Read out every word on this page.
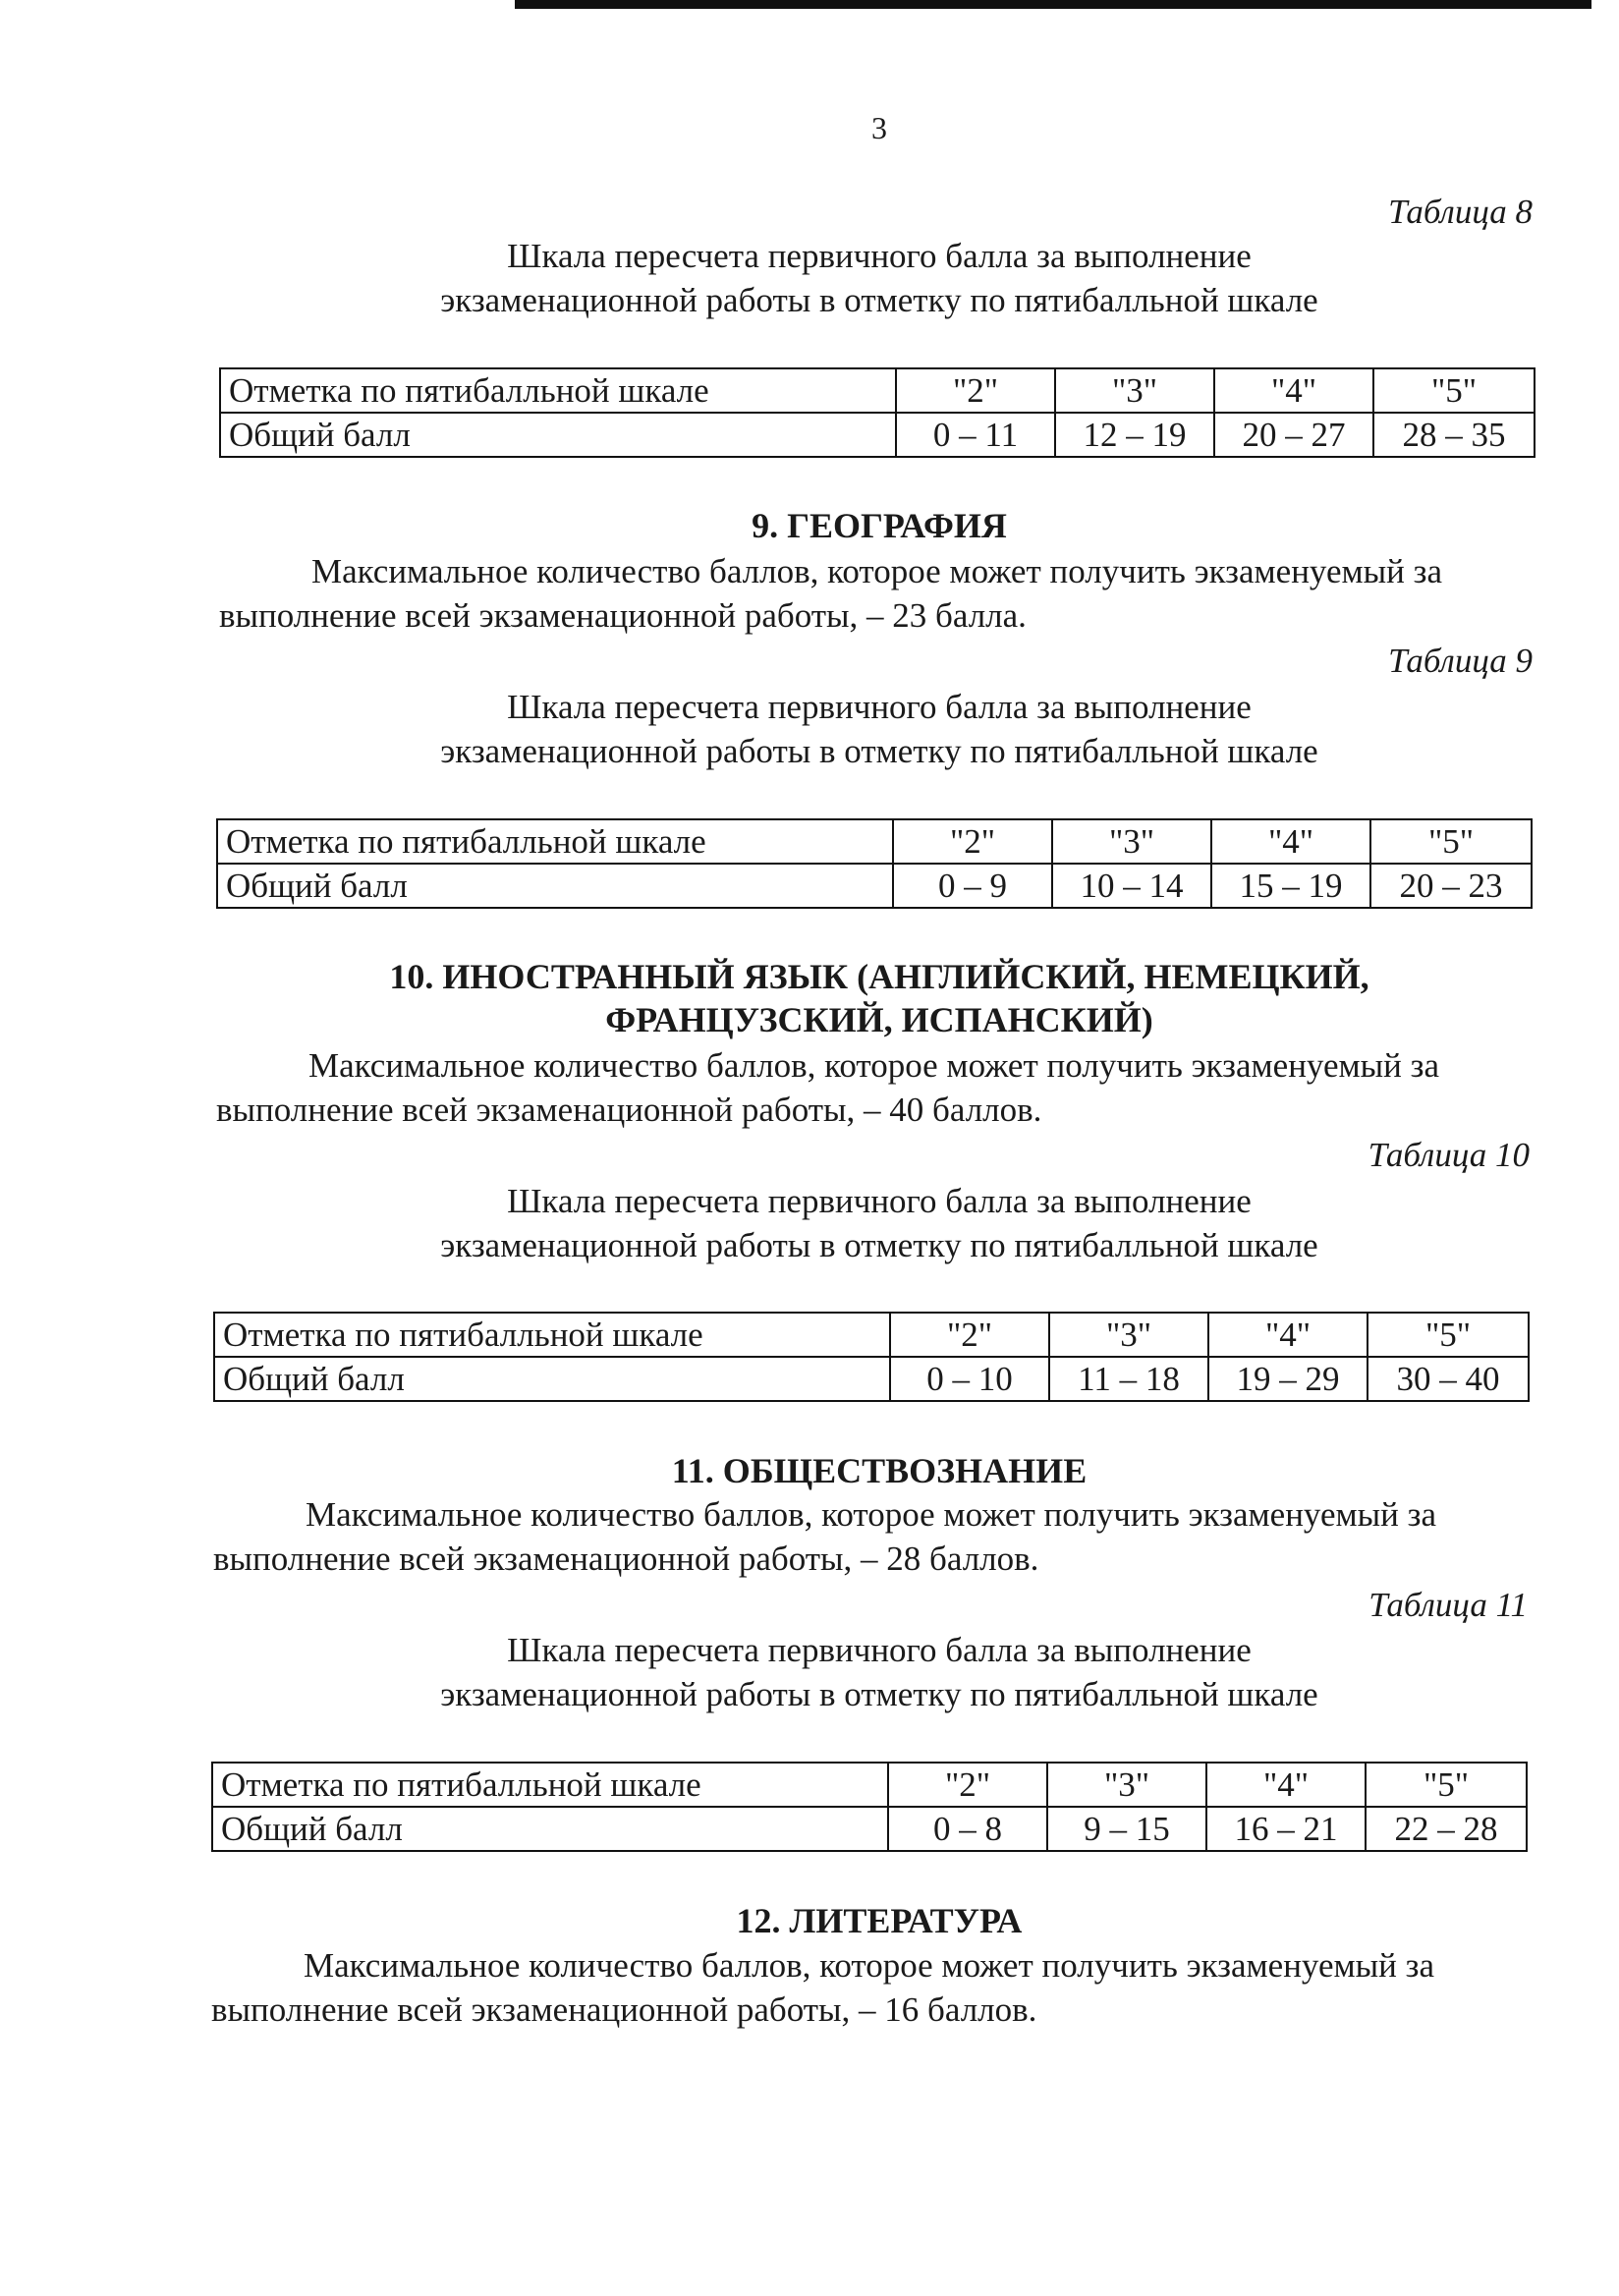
3
Таблица 8
Шкала пересчета первичного балла за выполнение
экзаменационной работы в отметку по пятибалльной шкале
Отметка по пятибалльной шкале	"2"	"3"	"4"	"5"
Общий балл	0 – 11	12 – 19	20 – 27	28 – 35
9. ГЕОГРАФИЯ
Максимальное количество баллов, которое может получить экзаменуемый за выполнение всей экзаменационной работы, – 23 балла.
Таблица 9
Шкала пересчета первичного балла за выполнение
экзаменационной работы в отметку по пятибалльной шкале
Отметка по пятибалльной шкале	"2"	"3"	"4"	"5"
Общий балл	0 – 9	10 – 14	15 – 19	20 – 23
10. ИНОСТРАННЫЙ ЯЗЫК (АНГЛИЙСКИЙ, НЕМЕЦКИЙ,
ФРАНЦУЗСКИЙ, ИСПАНСКИЙ)
Максимальное количество баллов, которое может получить экзаменуемый за выполнение всей экзаменационной работы, – 40 баллов.
Таблица 10
Шкала пересчета первичного балла за выполнение
экзаменационной работы в отметку по пятибалльной шкале
Отметка по пятибалльной шкале	"2"	"3"	"4"	"5"
Общий балл	0 – 10	11 – 18	19 – 29	30 – 40
11. ОБЩЕСТВОЗНАНИЕ
Максимальное количество баллов, которое может получить экзаменуемый за выполнение всей экзаменационной работы, – 28 баллов.
Таблица 11
Шкала пересчета первичного балла за выполнение
экзаменационной работы в отметку по пятибалльной шкале
Отметка по пятибалльной шкале	"2"	"3"	"4"	"5"
Общий балл	0 – 8	9 – 15	16 – 21	22 – 28
12. ЛИТЕРАТУРА
Максимальное количество баллов, которое может получить экзаменуемый за выполнение всей экзаменационной работы, – 16 баллов.
